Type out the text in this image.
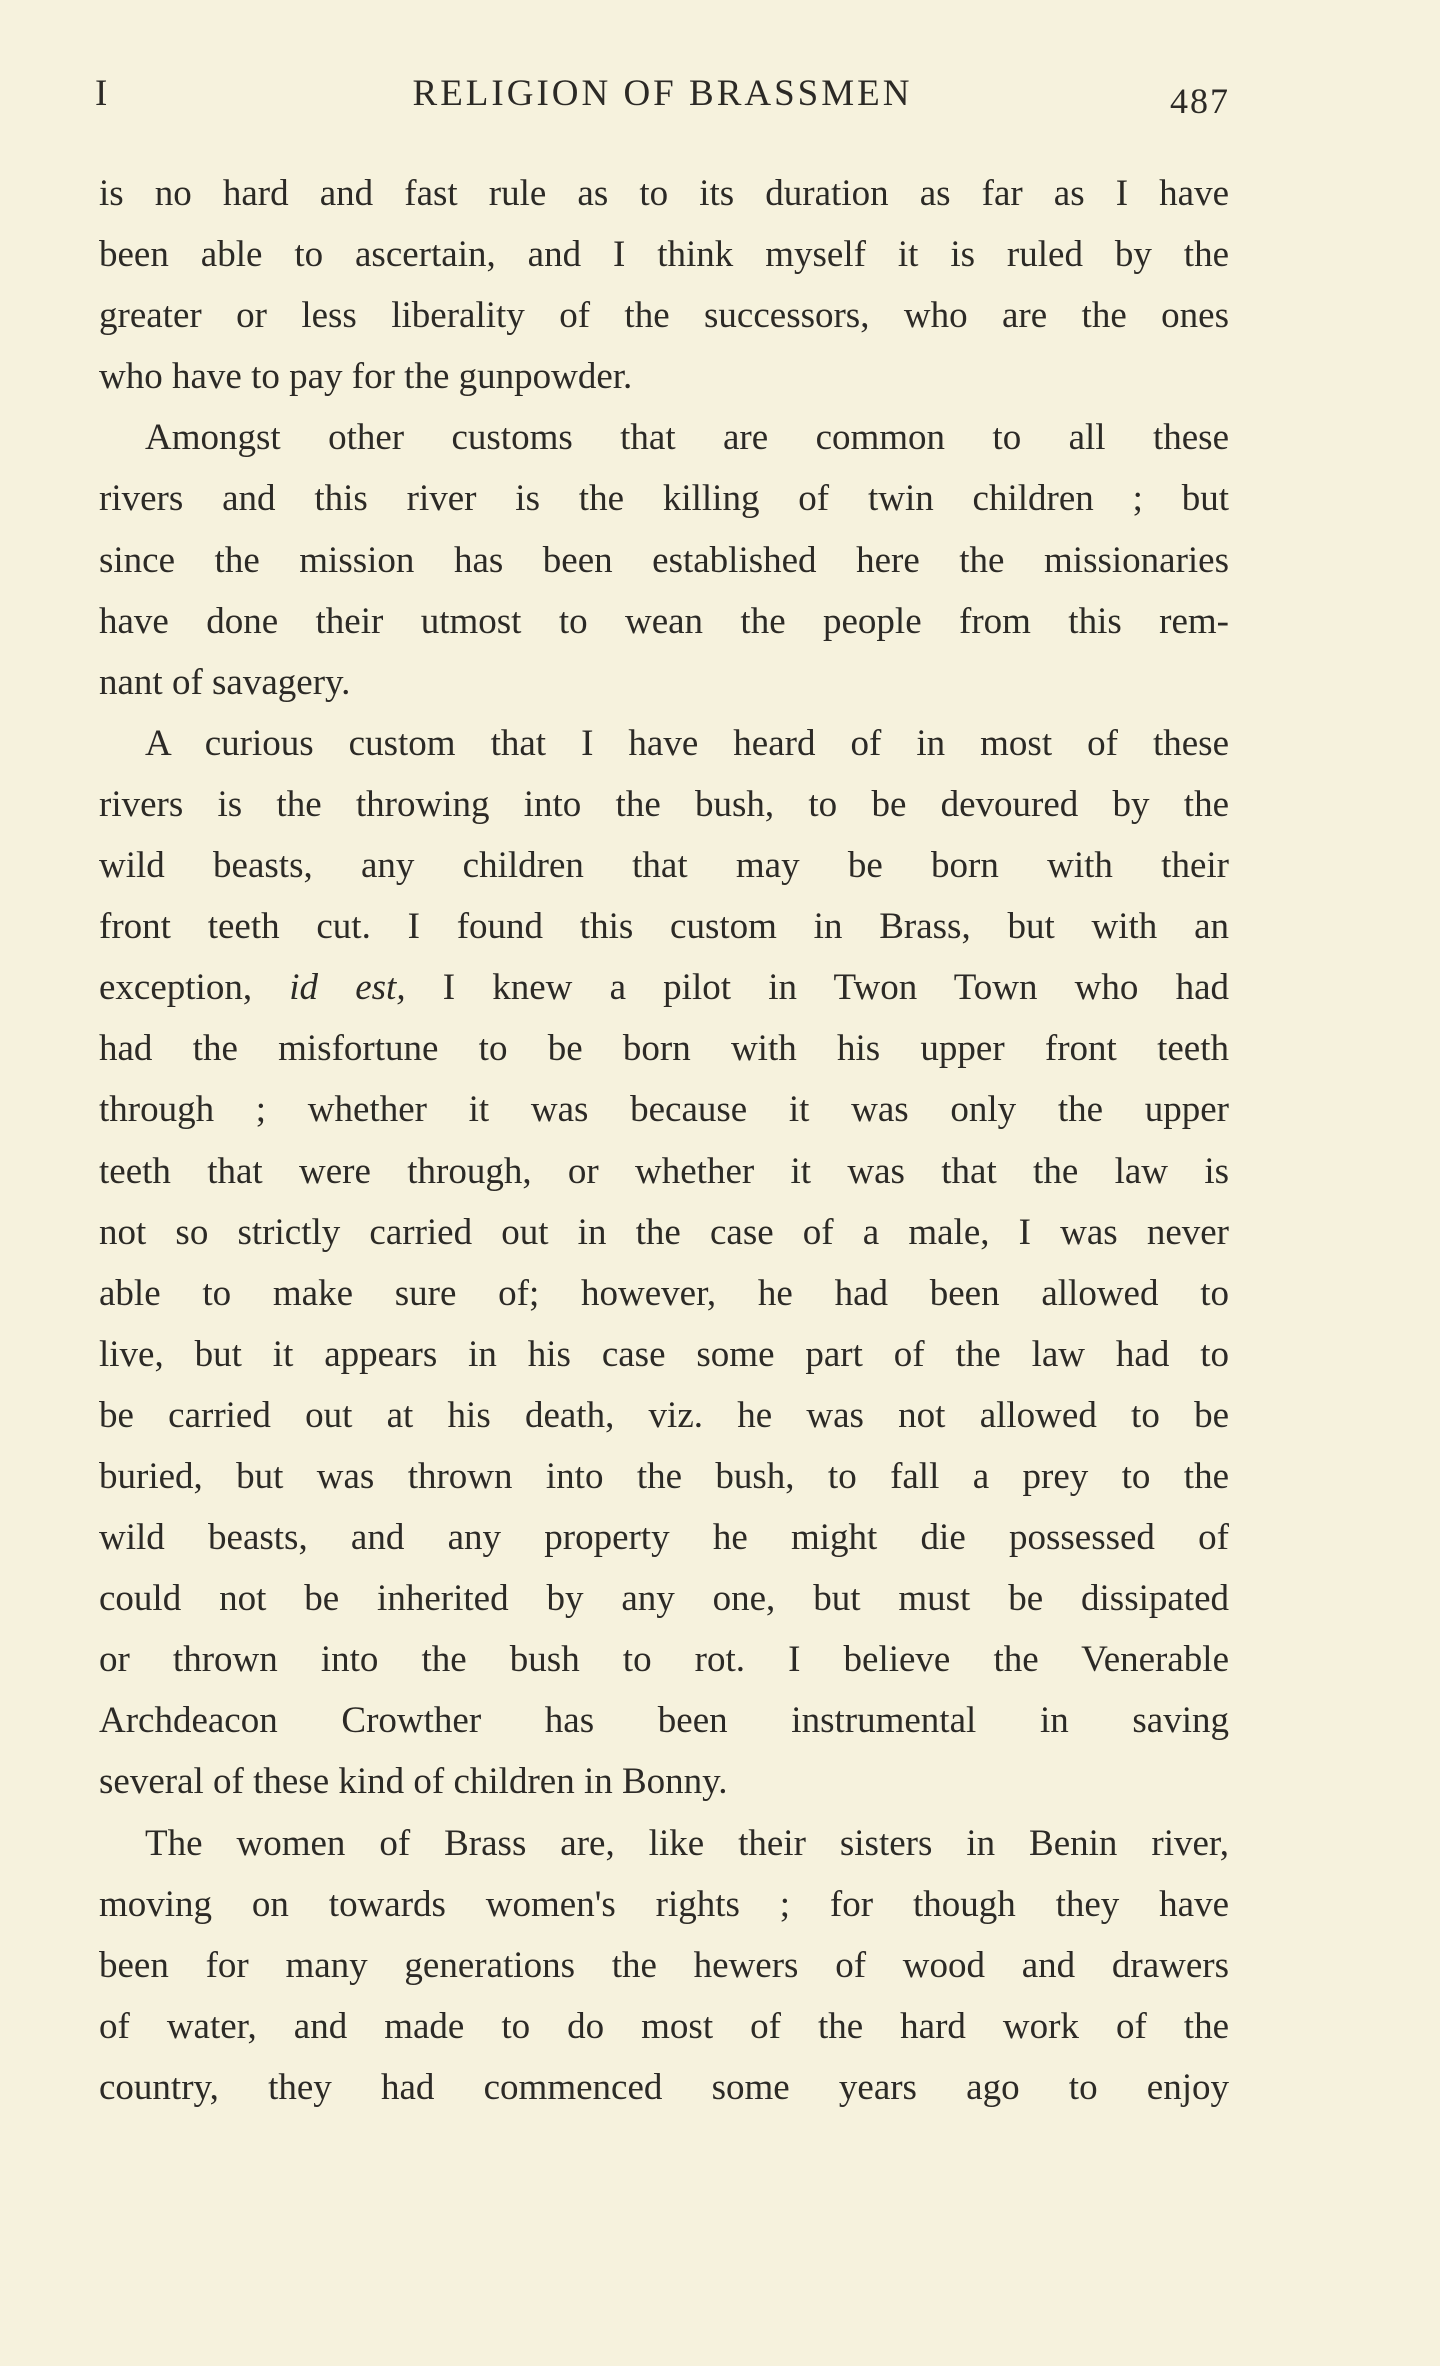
I	RELIGION OF BRASSMEN	487
is no hard and fast rule as to its duration as far as I have
been able to ascertain, and I think myself it is ruled by the
greater or less liberality of the successors, who are the ones
who have to pay for the gunpowder.
Amongst other customs that are common to all these
rivers and this river is the killing of twin children ; but
since the mission has been established here the missionaries
have done their utmost to wean the people from this rem-
nant of savagery.
A curious custom that I have heard of in most of these
rivers is the throwing into the bush, to be devoured by the
wild beasts, any children that may be born with their
front teeth cut. I found this custom in Brass, but with an
exception, id est, I knew a pilot in Twon Town who had
had the misfortune to be born with his upper front teeth
through ; whether it was because it was only the upper
teeth that were through, or whether it was that the law is
not so strictly carried out in the case of a male, I was never
able to make sure of; however, he had been allowed to
live, but it appears in his case some part of the law had to
be carried out at his death, viz. he was not allowed to be
buried, but was thrown into the bush, to fall a prey to the
wild beasts, and any property he might die possessed of
could not be inherited by any one, but must be dissipated
or thrown into the bush to rot. I believe the Venerable
Archdeacon Crowther has been instrumental in saving
several of these kind of children in Bonny.
The women of Brass are, like their sisters in Benin river,
moving on towards women's rights ; for though they have
been for many generations the hewers of wood and drawers
of water, and made to do most of the hard work of the
country, they had commenced some years ago to enjoy
